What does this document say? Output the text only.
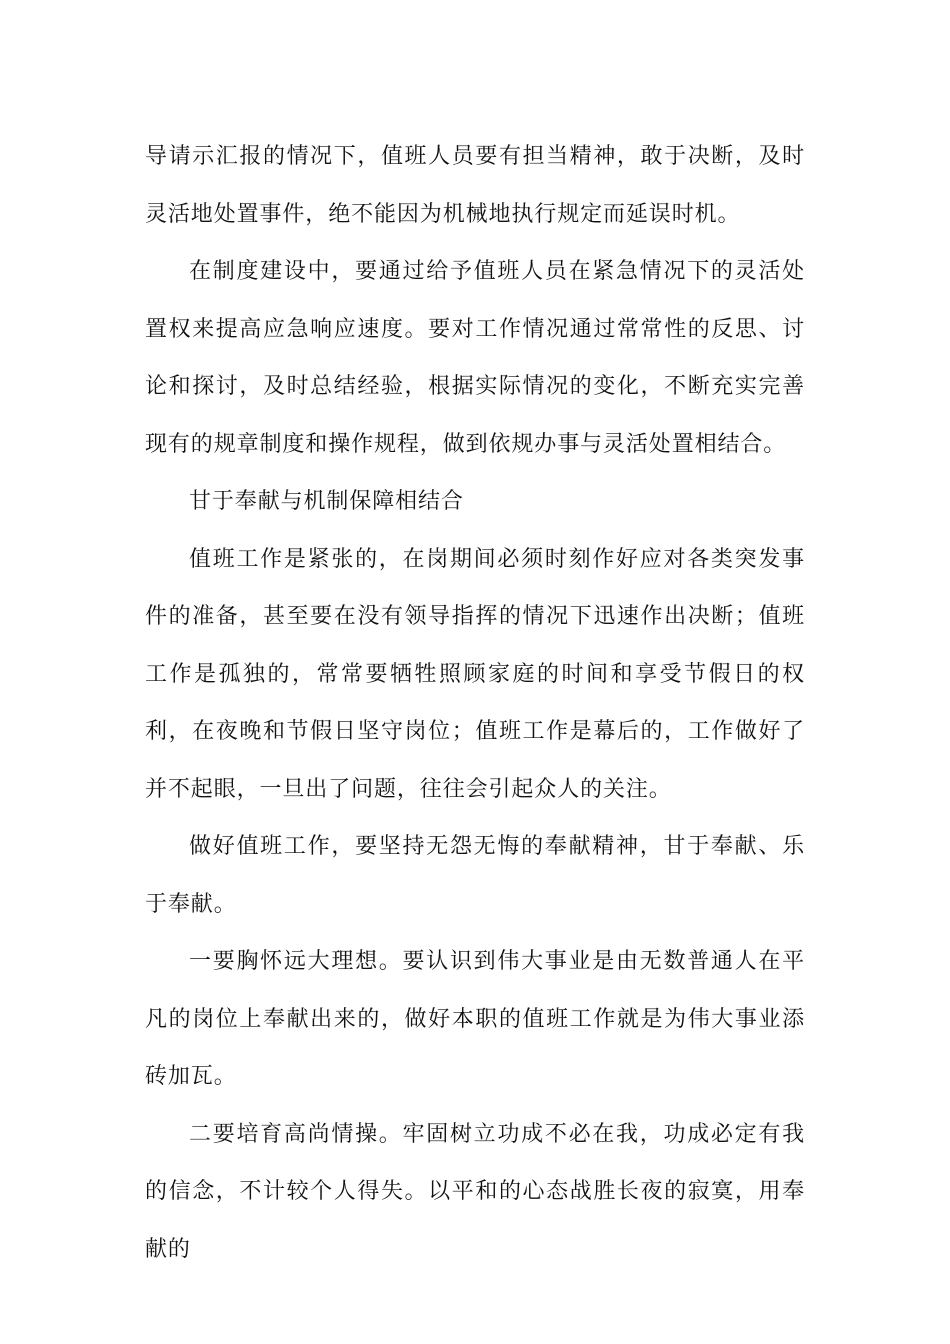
导请示汇报的情况下，值班人员要有担当精神，敢于决断，及时灵活地处置事件，绝不能因为机械地执行规定而延误时机。

在制度建设中，要通过给予值班人员在紧急情况下的灵活处置权来提高应急响应速度。要对工作情况通过常常性的反思、讨论和探讨，及时总结经验，根据实际情况的变化，不断充实完善现有的规章制度和操作规程，做到依规办事与灵活处置相结合。

甘于奉献与机制保障相结合

值班工作是紧张的，在岗期间必须时刻作好应对各类突发事件的准备，甚至要在没有领导指挥的情况下迅速作出决断；值班工作是孤独的，常常要牺牲照顾家庭的时间和享受节假日的权利，在夜晚和节假日坚守岗位；值班工作是幕后的，工作做好了并不起眼，一旦出了问题，往往会引起众人的关注。

做好值班工作，要坚持无怨无悔的奉献精神，甘于奉献、乐于奉献。

一要胸怀远大理想。要认识到伟大事业是由无数普通人在平凡的岗位上奉献出来的，做好本职的值班工作就是为伟大事业添砖加瓦。

二要培育高尚情操。牢固树立功成不必在我，功成必定有我的信念，不计较个人得失。以平和的心态战胜长夜的寂寞，用奉献的
